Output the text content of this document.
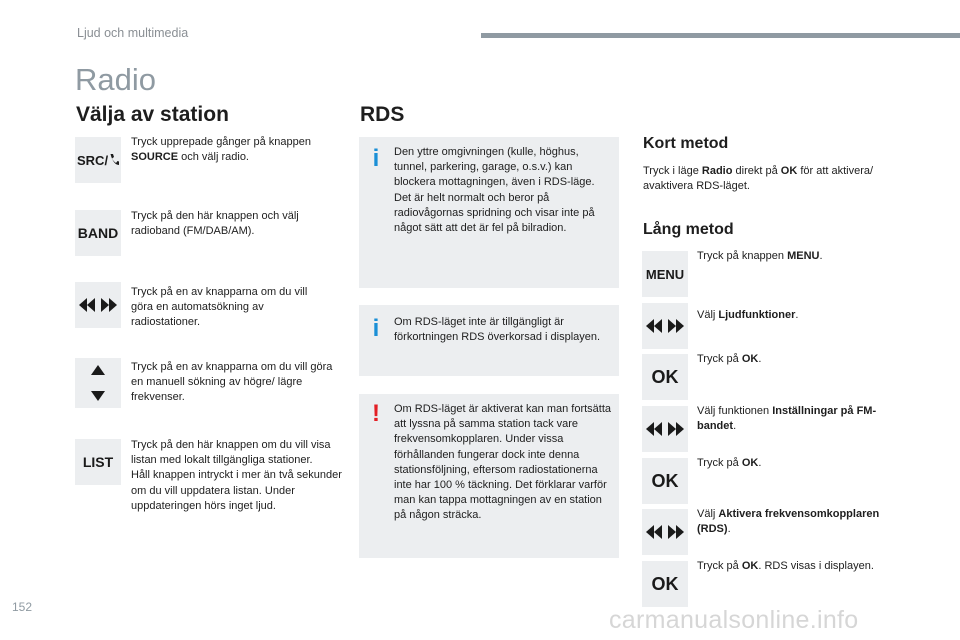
Ljud och multimedia
Radio
Välja av station
SRC/
Tryck upprepade gånger på knappen SOURCE och välj radio.
BAND
Tryck på den här knappen och välj radioband (FM/DAB/AM).
Tryck på en av knapparna om du vill göra en automatsökning av radiostationer.
Tryck på en av knapparna om du vill göra en manuell sökning av högre/ lägre frekvenser.
LIST
Tryck på den här knappen om du vill visa listan med lokalt tillgängliga stationer.
Håll knappen intryckt i mer än två sekunder om du vill uppdatera listan. Under uppdateringen hörs inget ljud.
RDS
i	Den yttre omgivningen (kulle, höghus, tunnel, parkering, garage, o.s.v.) kan blockera mottagningen, även i RDS-läge. Det är helt normalt och beror på radiovågornas spridning och visar inte på något sätt att det är fel på bilradion.
i	Om RDS-läget inte är tillgängligt är förkortningen RDS överkorsad i displayen.
! Om RDS-läget är aktiverat kan man fortsätta att lyssna på samma station tack vare frekvensomkopplaren. Under vissa förhållanden fungerar dock inte denna stationsföljning, eftersom radiostationerna inte har 100 % täckning. Det förklarar varför man kan tappa mottagningen av en station på någon sträcka.
Kort metod
Tryck i läge Radio direkt på OK för att aktivera/ avaktivera RDS-läget.
Lång metod
MENU
Tryck på knappen MENU.
Välj Ljudfunktioner.
OK
Tryck på OK.
Välj funktionen Inställningar på FM-bandet.
OK
Tryck på OK.
Välj Aktivera frekvensomkopplaren (RDS).
OK
Tryck på OK. RDS visas i displayen.
152	carmanualsonline.info
